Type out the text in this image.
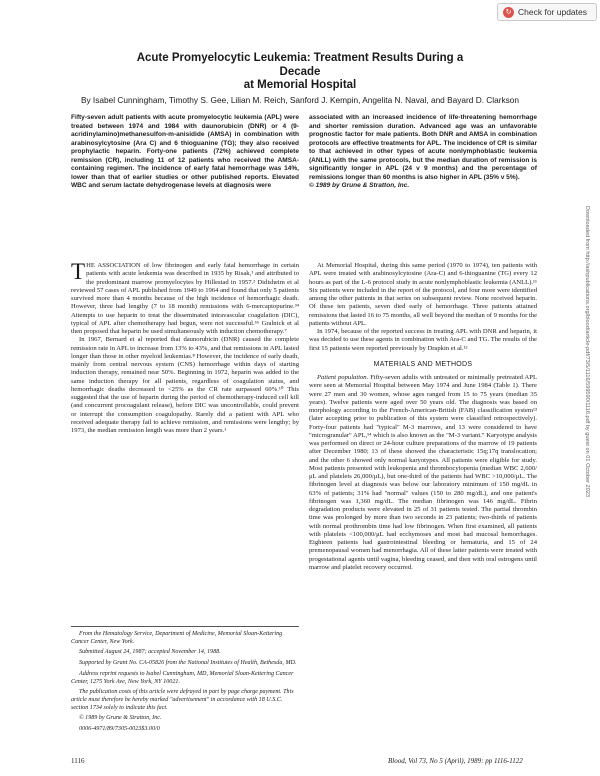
↻ Check for updates
Acute Promyelocytic Leukemia: Treatment Results During a Decade
at Memorial Hospital
By Isabel Cunningham, Timothy S. Gee, Lilian M. Reich, Sanford J. Kempin, Angelita N. Naval, and Bayard D. Clarkson
Fifty-seven adult patients with acute promyelocytic leukemia (APL) were treated between 1974 and 1984 with daunorubicin (DNR) or 4 (9-acridinylamino)methanesulfon-m-anisidide (AMSA) in combination with arabinosylcytosine (Ara C) and 6 thioguanine (TG); they also received prophylactic heparin. Forty-one patients (72%) achieved complete remission (CR), including 11 of 12 patients who received the AMSA-containing regimen. The incidence of early fatal hemorrhage was 14%, lower than that of earlier studies or other published reports. Elevated WBC and serum lactate dehydrogenase levels at diagnosis were
associated with an increased incidence of life-threatening hemorrhage and shorter remission duration. Advanced age was an unfavorable prognostic factor for male patients. Both DNR and AMSA in combination protocols are effective treatments for APL. The incidence of CR is similar to that achieved in other types of acute nonlymphoblastic leukemia (ANLL) with the same protocols, but the median duration of remission is significantly longer in APL (24 v 9 months) and the percentage of remissions longer than 60 months is also higher in APL (35% v 5%).
© 1989 by Grune & Stratton, Inc.

THE ASSOCIATION of low fibrinogen and early fatal hemorrhage in certain patients with acute leukemia was described in 1935 by Risak,¹ and attributed to the predominant marrow promyelocytes by Hillestad in 1957.² Didisheim et al reviewed 57 cases of APL published from 1949 to 1964 and found that only 5 patients survived more than 4 months because of the high incidence of hemorrhagic death. However, three had lengthy (7 to 18 month) remissions with 6-mercaptopurine.³⁴ Attempts to use heparin to treat the disseminated intravascular coagulation (DIC), typical of APL after chemotherapy had begun, were not successful.⁵⁶ Gralnick et al then proposed that heparin be used simultaneously with induction chemotherapy.⁷

In 1967, Bernard et al reported that daunorubicin (DNR) caused the complete remission rate in APL to increase from 13% to 43%, and that remissions in APL lasted longer than those in other myeloid leukemias.⁸ However, the incidence of early death, mainly from central nervous system (CNS) hemorrhage within days of starting induction therapy, remained near 50%. Beginning in 1972, heparin was added to the same induction therapy for all patients, regardless of coagulation status, and hemorrhagic deaths decreased to <25% as the CR rate surpassed 60%.¹⁰ This suggested that the use of heparin during the period of chemotherapy-induced cell kill (and concurrent procoagulant release), before DIC was uncontrollable, could prevent or interrupt the consumption coagulopathy. Rarely did a patient with APL who received adequate therapy fail to achieve remission, and remissions were lengthy; by 1973, the median remission length was more than 2 years.¹

At Memorial Hospital, during this same period (1970 to 1974), ten patients with APL were treated with arabinosylcytosine (Ara-C) and 6-thioguanine (TG) every 12 hours as part of the L-6 protocol study in acute nonlymphoblastic leukemia (ANLL).¹¹ Six patients were included in the report of the protocol, and four more were identified among the other patients in that series on subsequent review. None received heparin. Of these ten patients, seven died early of hemorrhage. Three patients attained remissions that lasted 16 to 75 months, all well beyond the median of 9 months for the patients without APL.

In 1974, because of the reported success in treating APL with DNR and heparin, it was decided to use these agents in combination with Ara-C and TG. The results of the first 15 patients were reported previously by Drapkin et al.¹²

MATERIALS AND METHODS

Patient population. Fifty-seven adults with untreated or minimally pretreated APL were seen at Memorial Hospital between May 1974 and June 1984 (Table 1). There were 27 men and 30 women, whose ages ranged from 15 to 75 years (median 35 years). Twelve patients were aged over 50 years old. The diagnosis was based on morphology according to the French-American-British (FAB) classification system¹³ (later accepting prior to publication of this system were classified retrospectively). Forty-four patients had "typical" M-3 marrows, and 13 were considered to have "microgranular" APL,¹⁴ which is also known as the "M-3 variant." Karyotype analysis was performed on direct or 24-hour culture preparations of the marrow of 19 patients after December 1980; 13 of these showed the characteristic 15q;17q translocation; and the other 6 showed only normal karyotypes. All patients were eligible for study. Most patients presented with leukopenia and thrombocytopenia (median WBC 2,600/μL and platelets 26,000/μL), but one-third of the patients had WBC >10,000/μL. The fibrinogen level at diagnosis was below our laboratory minimum of 150 mg/dL in 63% of patients; 31% had "normal" values (150 to 280 mg/dL), and one patient's fibrinogen was 1,360 mg/dL. The median fibrinogen was 146 mg/dL. Fibrin degradation products were elevated in 25 of 31 patients tested. The partial thrombin time was prolonged by more than two seconds in 23 patients; two-thirds of patients with normal prothrombin time had low fibrinogen. When first examined, all patients with platelets <100,000/μL had ecchymoses and most had mucosal hemorrhages. Eighteen patients had gastrointestinal bleeding or hematuria, and 15 of 24 premenopausal women had menorrhagia. All of these latter patients were treated with progestational agents until vagina, bleeding ceased, and then with oral estrogens until marrow and platelet recovery occurred.

From the Hematology Service, Department of Medicine, Memorial Sloan-Kettering Cancer Center, New York.

Submitted August 24, 1987; accepted November 14, 1988.

Supported by Grant No. CA-05826 from the National Institutes of Health, Bethesda, MD.

Address reprint requests to Isabel Cunningham, MD, Memorial Sloan-Kettering Cancer Center, 1275 York Ave, New York, NY 10021.

The publication costs of this article were defrayed in part by page charge payment. This article must therefore be hereby marked "advertisement" in accordance with 18 U.S.C. section 1734 solely to indicate this fact.

© 1989 by Grune & Stratton, Inc.

0006-4971/89/7305-0023$3.00/0

1116	Blood, Vol 73, No 5 (April), 1989: pp 1116-1122
Downloaded from http://ashpublications.org/blood/article-pdf/73/5/1116/599590/1116.pdf by guest on 01 October 2023
